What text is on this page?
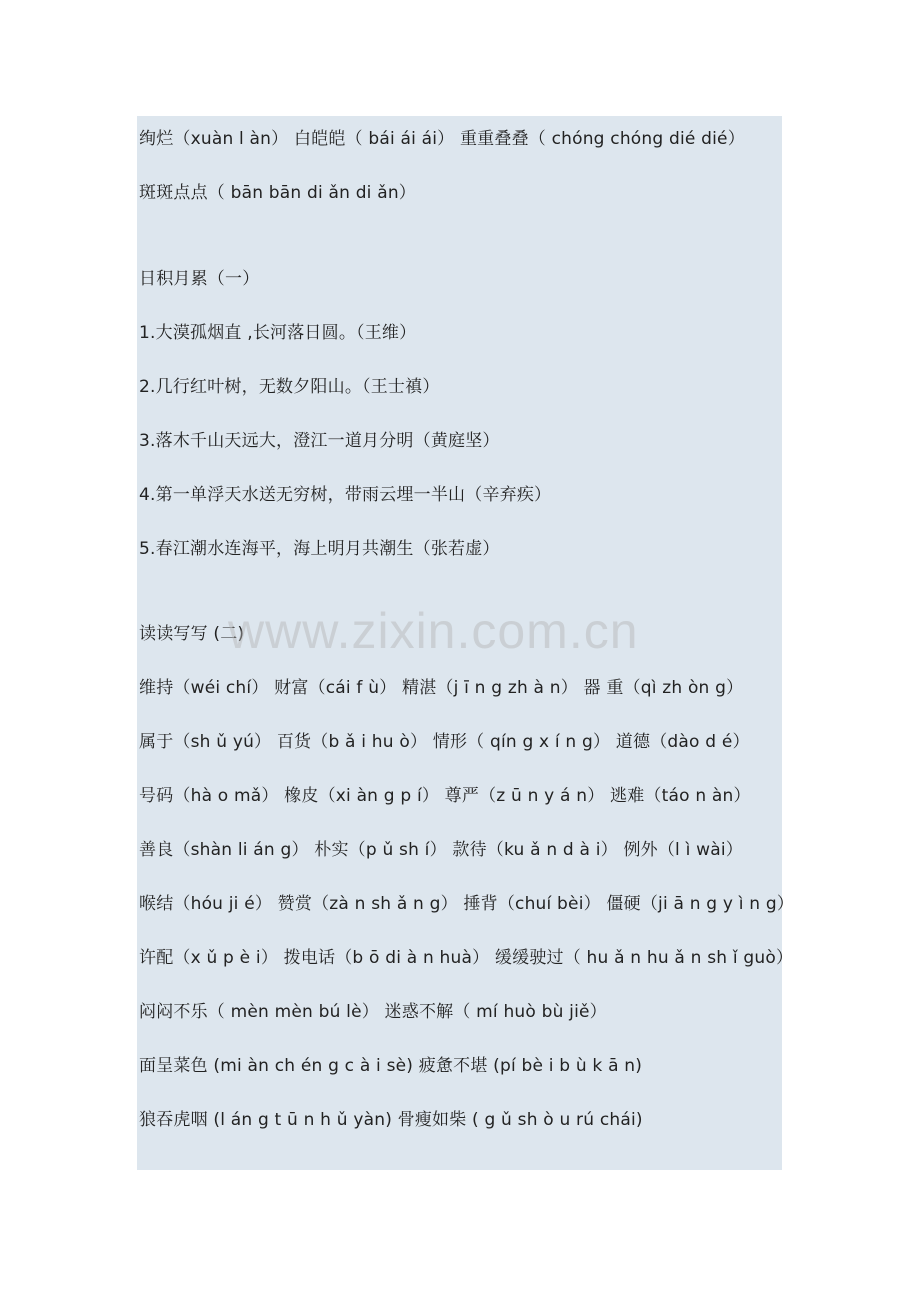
绚烂（xuàn l àn） 白皑皑（ bái ái ái） 重重叠叠（ chóng chóng dié dié）
斑斑点点（ bān bān di ǎn di ǎn）
日积月累（一）
1.大漠孤烟直 ,长河落日圆。（王维）
2.几行红叶树，无数夕阳山。（王士禛）
3.落木千山天远大，澄江一道月分明（黄庭坚）
4.第一单浮天水送无穷树，带雨云埋一半山（辛弃疾）
5.春江潮水连海平，海上明月共潮生（张若虚）
读读写写 (二)
维持（wéi chí） 财富（cái f ù） 精湛（j ī n g zh à n） 器 重（qì zh òn g）
属于（sh ǔ yú） 百货（b ǎ i hu ò） 情形（ qín g x í n g） 道德（dào d é）
号码（hà o mǎ） 橡皮（xi àn g p í） 尊严（z ū n y á n） 逃难（táo n àn）
善良（shàn li án g） 朴实（p ǔ sh í） 款待（ku ǎ n d à i） 例外（l ì wài）
喉结（hóu ji é） 赞赏（zà n sh ǎ n g） 捶背（chuí bèi） 僵硬（ji ā n g y ì n g）
许配（x ǔ p è i） 拨电话（b ō di à n huà） 缓缓驶过（ hu ǎ n hu ǎ n sh ǐ guò）
闷闷不乐（ mèn mèn bú lè） 迷惑不解（ mí huò bù jiě）
面呈菜色 (mi àn ch én g c à i sè) 疲惫不堪 (pí bè i b ù k ā n)
狼吞虎咽 (l án g t ū n h ǔ yàn) 骨瘦如柴 ( g ǔ sh ò u rú chái)
www.zixin.com.cn
